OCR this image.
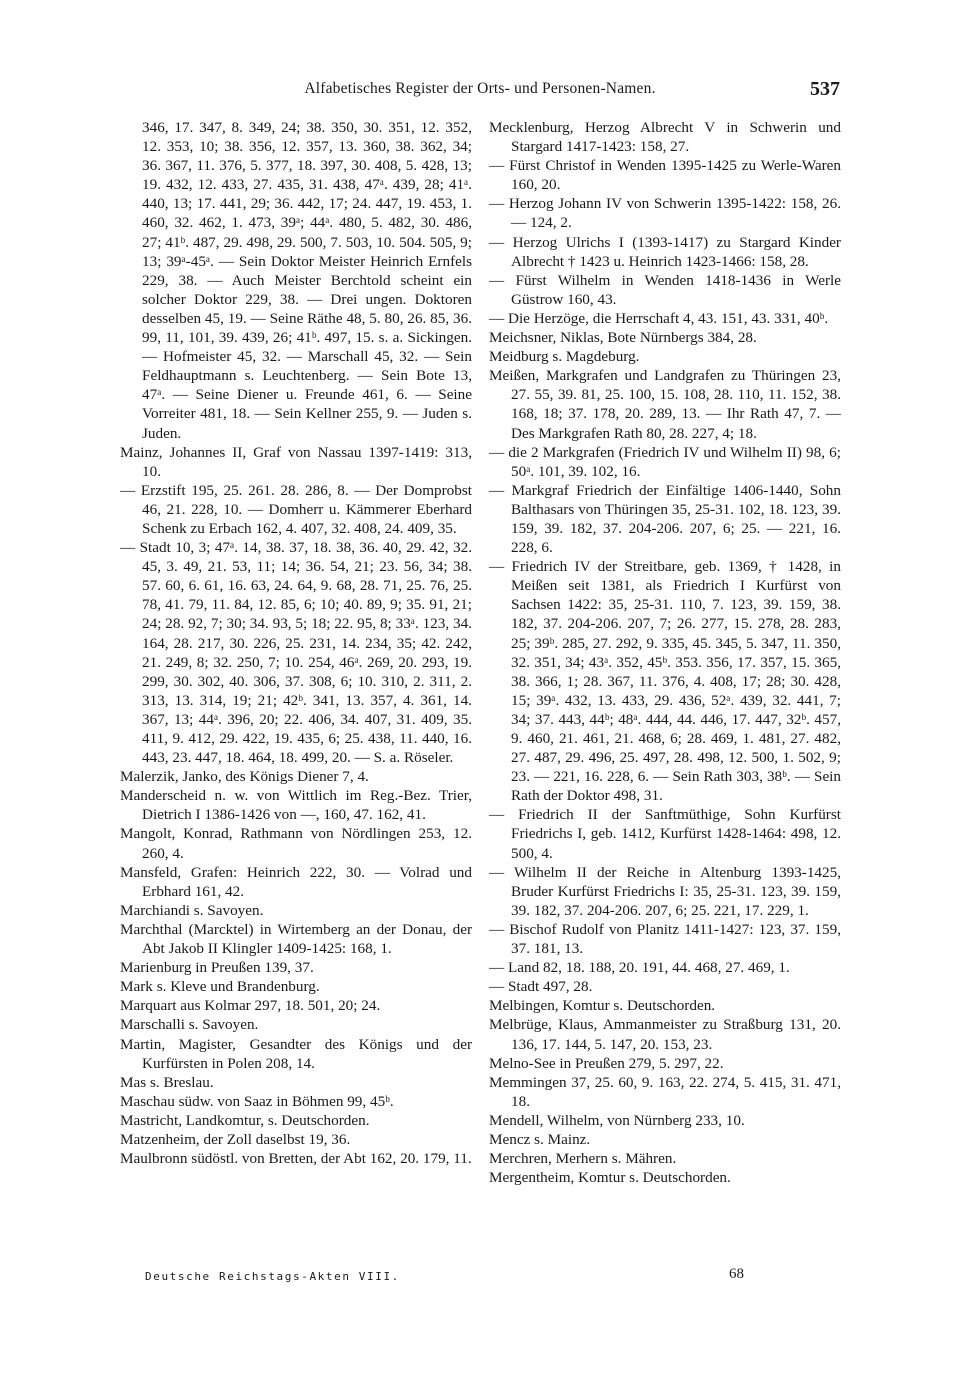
Alfabetisches Register der Orts- und Personen-Namen.	537

346, 17. 347, 8. 349, 24; 38. 350, 30. 351, 12. 352, 12. 353, 10; 38. 356, 12. 357, 13. 360, 38. 362, 34; 36. 367, 11. 376, 5. 377, 18. 397, 30. 408, 5. 428, 13; 19. 432, 12. 433, 27. 435, 31. 438, 47ᵃ. 439, 28; 41ᵃ. 440, 13; 17. 441, 29; 36. 442, 17; 24. 447, 19. 453, 1. 460, 32. 462, 1. 473, 39ᵃ; 44ᵃ. 480, 5. 482, 30. 486, 27; 41ᵇ. 487, 29. 498, 29. 500, 7. 503, 10. 504. 505, 9; 13; 39ᵃ-45ᵃ. — Sein Doktor Meister Heinrich Ernfels 229, 38. — Auch Meister Berchtold scheint ein solcher Doktor 229, 38. — Drei ungen. Doktoren desselben 45, 19. — Seine Räthe 48, 5. 80, 26. 85, 36. 99, 11, 101, 39. 439, 26; 41ᵇ. 497, 15. s. a. Sickingen. — Hofmeister 45, 32. — Marschall 45, 32. — Sein Feldhauptmann s. Leuchtenberg. — Sein Bote 13, 47ᵃ. — Seine Diener u. Freunde 461, 6. — Seine Vorreiter 481, 18. — Sein Kellner 255, 9. — Juden s. Juden.

Mainz, Johannes II, Graf von Nassau 1397-1419: 313, 10.

— Erzstift 195, 25. 261. 28. 286, 8. — Der Domprobst 46, 21. 228, 10. — Domherr u. Kämmerer Eberhard Schenk zu Erbach 162, 4. 407, 32. 408, 24. 409, 35.

— Stadt 10, 3; 47ᵃ. 14, 38. 37, 18. 38, 36. 40, 29. 42, 32. 45, 3. 49, 21. 53, 11; 14; 36. 54, 21; 23. 56, 34; 38. 57. 60, 6. 61, 16. 63, 24. 64, 9. 68, 28. 71, 25. 76, 25. 78, 41. 79, 11. 84, 12. 85, 6; 10; 40. 89, 9; 35. 91, 21; 24; 28. 92, 7; 30; 34. 93, 5; 18; 22. 95, 8; 33ᵃ. 123, 34. 164, 28. 217, 30. 226, 25. 231, 14. 234, 35; 42. 242, 21. 249, 8; 32. 250, 7; 10. 254, 46ᵃ. 269, 20. 293, 19. 299, 30. 302, 40. 306, 37. 308, 6; 10. 310, 2. 311, 2. 313, 13. 314, 19; 21; 42ᵇ. 341, 13. 357, 4. 361, 14. 367, 13; 44ᵃ. 396, 20; 22. 406, 34. 407, 31. 409, 35. 411, 9. 412, 29. 422, 19. 435, 6; 25. 438, 11. 440, 16. 443, 23. 447, 18. 464, 18. 499, 20. — S. a. Röseler.

Malerzik, Janko, des Königs Diener 7, 4.

Manderscheid n. w. von Wittlich im Reg.-Bez. Trier, Dietrich I 1386-1426 von —, 160, 47. 162, 41.

Mangolt, Konrad, Rathmann von Nördlingen 253, 12. 260, 4.

Mansfeld, Grafen: Heinrich 222, 30. — Volrad und Erbhard 161, 42.

Marchiandi s. Savoyen.

Marchthal (Marcktel) in Wirtemberg an der Donau, der Abt Jakob II Klingler 1409-1425: 168, 1.

Marienburg in Preußen 139, 37.

Mark s. Kleve und Brandenburg.

Marquart aus Kolmar 297, 18. 501, 20; 24.

Marschalli s. Savoyen.

Martin, Magister, Gesandter des Königs und der Kurfürsten in Polen 208, 14.

Mas s. Breslau.

Maschau südw. von Saaz in Böhmen 99, 45ᵇ.

Mastricht, Landkomtur, s. Deutschorden.

Matzenheim, der Zoll daselbst 19, 36.

Maulbronn südöstl. von Bretten, der Abt 162, 20. 179, 11.

Mecklenburg, Herzog Albrecht V in Schwerin und Stargard 1417-1423: 158, 27.

— Fürst Christof in Wenden 1395-1425 zu Werle-Waren 160, 20.

— Herzog Johann IV von Schwerin 1395-1422: 158, 26. — 124, 2.

— Herzog Ulrichs I (1393-1417) zu Stargard Kinder Albrecht † 1423 u. Heinrich 1423-1466: 158, 28.

— Fürst Wilhelm in Wenden 1418-1436 in Werle Güstrow 160, 43.

— Die Herzöge, die Herrschaft 4, 43. 151, 43. 331, 40ᵇ.

Meichsner, Niklas, Bote Nürnbergs 384, 28.

Meidburg s. Magdeburg.

Meißen, Markgrafen und Landgrafen zu Thüringen 23, 27. 55, 39. 81, 25. 100, 15. 108, 28. 110, 11. 152, 38. 168, 18; 37. 178, 20. 289, 13. — Ihr Rath 47, 7. — Des Markgrafen Rath 80, 28. 227, 4; 18.

— die 2 Markgrafen (Friedrich IV und Wilhelm II) 98, 6; 50ᵃ. 101, 39. 102, 16.

— Markgraf Friedrich der Einfältige 1406-1440, Sohn Balthasars von Thüringen 35, 25-31. 102, 18. 123, 39. 159, 39. 182, 37. 204-206. 207, 6; 25. — 221, 16. 228, 6.

— Friedrich IV der Streitbare, geb. 1369, † 1428, in Meißen seit 1381, als Friedrich I Kurfürst von Sachsen 1422: 35, 25-31. 110, 7. 123, 39. 159, 38. 182, 37. 204-206. 207, 7; 26. 277, 15. 278, 28. 283, 25; 39ᵇ. 285, 27. 292, 9. 335, 45. 345, 5. 347, 11. 350, 32. 351, 34; 43ᵃ. 352, 45ᵇ. 353. 356, 17. 357, 15. 365, 38. 366, 1; 28. 367, 11. 376, 4. 408, 17; 28; 30. 428, 15; 39ᵃ. 432, 13. 433, 29. 436, 52ᵃ. 439, 32. 441, 7; 34; 37. 443, 44ᵇ; 48ᵃ. 444, 44. 446, 17. 447, 32ᵇ. 457, 9. 460, 21. 461, 21. 468, 6; 28. 469, 1. 481, 27. 482, 27. 487, 29. 496, 25. 497, 28. 498, 12. 500, 1. 502, 9; 23. — 221, 16. 228, 6. — Sein Rath 303, 38ᵇ. — Sein Rath der Doktor 498, 31.

— Friedrich II der Sanftmüthige, Sohn Kurfürst Friedrichs I, geb. 1412, Kurfürst 1428-1464: 498, 12. 500, 4.

— Wilhelm II der Reiche in Altenburg 1393-1425, Bruder Kurfürst Friedrichs I: 35, 25-31. 123, 39. 159, 39. 182, 37. 204-206. 207, 6; 25. 221, 17. 229, 1.

— Bischof Rudolf von Planitz 1411-1427: 123, 37. 159, 37. 181, 13.

— Land 82, 18. 188, 20. 191, 44. 468, 27. 469, 1.

— Stadt 497, 28.

Melbingen, Komtur s. Deutschorden.

Melbrüge, Klaus, Ammanmeister zu Straßburg 131, 20. 136, 17. 144, 5. 147, 20. 153, 23.

Melno-See in Preußen 279, 5. 297, 22.

Memmingen 37, 25. 60, 9. 163, 22. 274, 5. 415, 31. 471, 18.

Mendell, Wilhelm, von Nürnberg 233, 10.

Mencz s. Mainz.

Merchren, Merhern s. Mähren.

Mergentheim, Komtur s. Deutschorden.

Deutsche Reichstags-Akten VIII.	68
